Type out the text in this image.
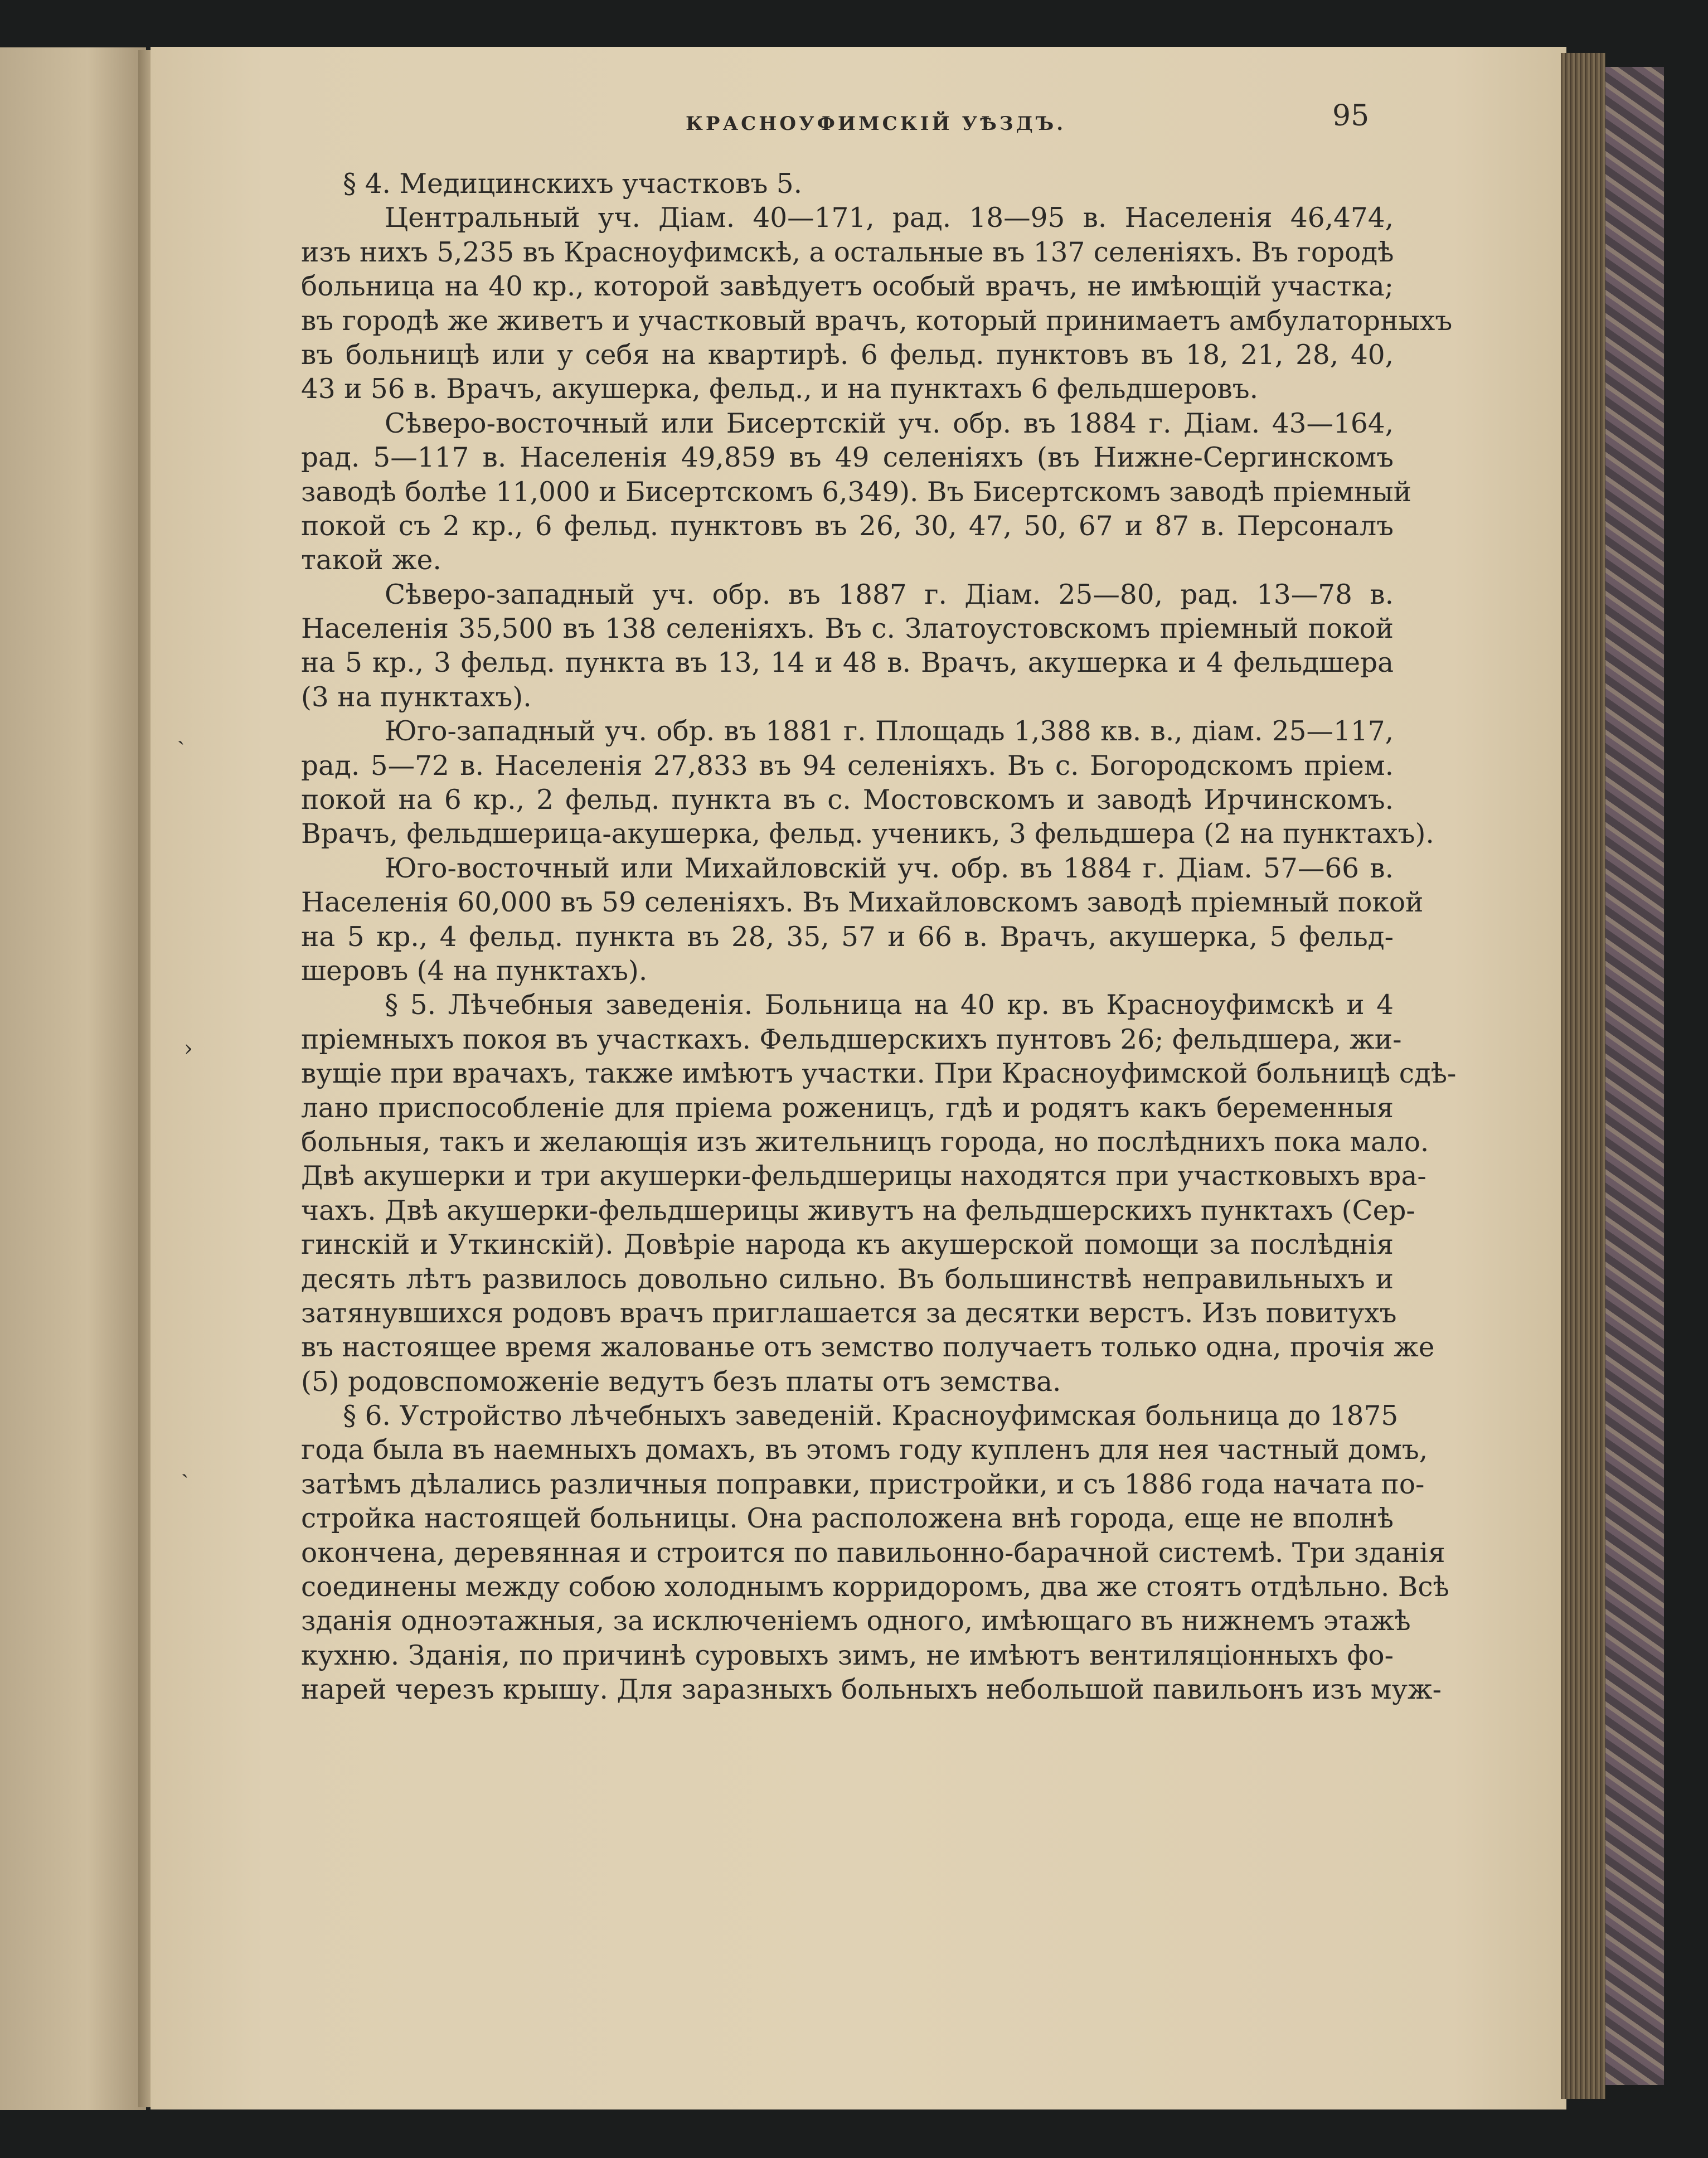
КРАСНОУФИМСКІЙ УѢЗДЪ.	95
ˏ
›
ˏ
§ 4. Медицинскихъ участковъ 5.
Центральный уч. Діам. 40—171, рад. 18—95 в. Населенія 46,474,
изъ нихъ 5,235 въ Красноуфимскѣ, а остальные въ 137 селеніяхъ. Въ городѣ
больница на 40 кр., которой завѣдуетъ особый врачъ, не имѣющій участка;
въ городѣ же живетъ и участковый врачъ, который принимаетъ амбулаторныхъ
въ больницѣ или у себя на квартирѣ. 6 фельд. пунктовъ въ 18, 21, 28, 40,
43 и 56 в. Врачъ, акушерка, фельд., и на пунктахъ 6 фельдшеровъ.
Сѣверо-восточный или Бисертскій уч. обр. въ 1884 г. Діам. 43—164,
рад. 5—117 в. Населенія 49,859 въ 49 селеніяхъ (въ Нижне-Сергинскомъ
заводѣ болѣе 11,000 и Бисертскомъ 6,349). Въ Бисертскомъ заводѣ пріемный
покой съ 2 кр., 6 фельд. пунктовъ въ 26, 30, 47, 50, 67 и 87 в. Персоналъ
такой же.
Сѣверо-западный уч. обр. въ 1887 г. Діам. 25—80, рад. 13—78 в.
Населенія 35,500 въ 138 селеніяхъ. Въ с. Златоустовскомъ пріемный покой
на 5 кр., 3 фельд. пункта въ 13, 14 и 48 в. Врачъ, акушерка и 4 фельдшера
(3 на пунктахъ).
Юго-западный уч. обр. въ 1881 г. Площадь 1,388 кв. в., діам. 25—117,
рад. 5—72 в. Населенія 27,833 въ 94 селеніяхъ. Въ с. Богородскомъ пріем.
покой на 6 кр., 2 фельд. пункта въ с. Мостовскомъ и заводѣ Ирчинскомъ.
Врачъ, фельдшерица-акушерка, фельд. ученикъ, 3 фельдшера (2 на пунктахъ).
Юго-восточный или Михайловскій уч. обр. въ 1884 г. Діам. 57—66 в.
Населенія 60,000 въ 59 селеніяхъ. Въ Михайловскомъ заводѣ пріемный покой
на 5 кр., 4 фельд. пункта въ 28, 35, 57 и 66 в. Врачъ, акушерка, 5 фельд-
шеровъ (4 на пунктахъ).
§ 5. Лѣчебныя заведенія. Больница на 40 кр. въ Красноуфимскѣ и 4
пріемныхъ покоя въ участкахъ. Фельдшерскихъ пунтовъ 26; фельдшера, жи-
вущіе при врачахъ, также имѣютъ участки. При Красноуфимской больницѣ сдѣ-
лано приспособленіе для пріема роженицъ, гдѣ и родятъ какъ беременныя
больныя, такъ и желающія изъ жительницъ города, но послѣднихъ пока мало.
Двѣ акушерки и три акушерки-фельдшерицы находятся при участковыхъ вра-
чахъ. Двѣ акушерки-фельдшерицы живутъ на фельдшерскихъ пунктахъ (Сер-
гинскій и Уткинскій). Довѣріе народа къ акушерской помощи за послѣднія
десять лѣтъ развилось довольно сильно. Въ большинствѣ неправильныхъ и
затянувшихся родовъ врачъ приглашается за десятки верстъ. Изъ повитухъ
въ настоящее время жалованье отъ земство получаетъ только одна, прочія же
(5) родовспоможеніе ведутъ безъ платы отъ земства.
§ 6. Устройство лѣчебныхъ заведеній. Красноуфимская больница до 1875
года была въ наемныхъ домахъ, въ этомъ году купленъ для нея частный домъ,
затѣмъ дѣлались различныя поправки, пристройки, и съ 1886 года начата по-
стройка настоящей больницы. Она расположена внѣ города, еще не вполнѣ
окончена, деревянная и строится по павильонно-барачной системѣ. Три зданія
соединены между собою холоднымъ корридоромъ, два же стоятъ отдѣльно. Всѣ
зданія одноэтажныя, за исключеніемъ одного, имѣющаго въ нижнемъ этажѣ
кухню. Зданія, по причинѣ суровыхъ зимъ, не имѣютъ вентиляціонныхъ фо-
нарей черезъ крышу. Для заразныхъ больныхъ небольшой павильонъ изъ муж-
